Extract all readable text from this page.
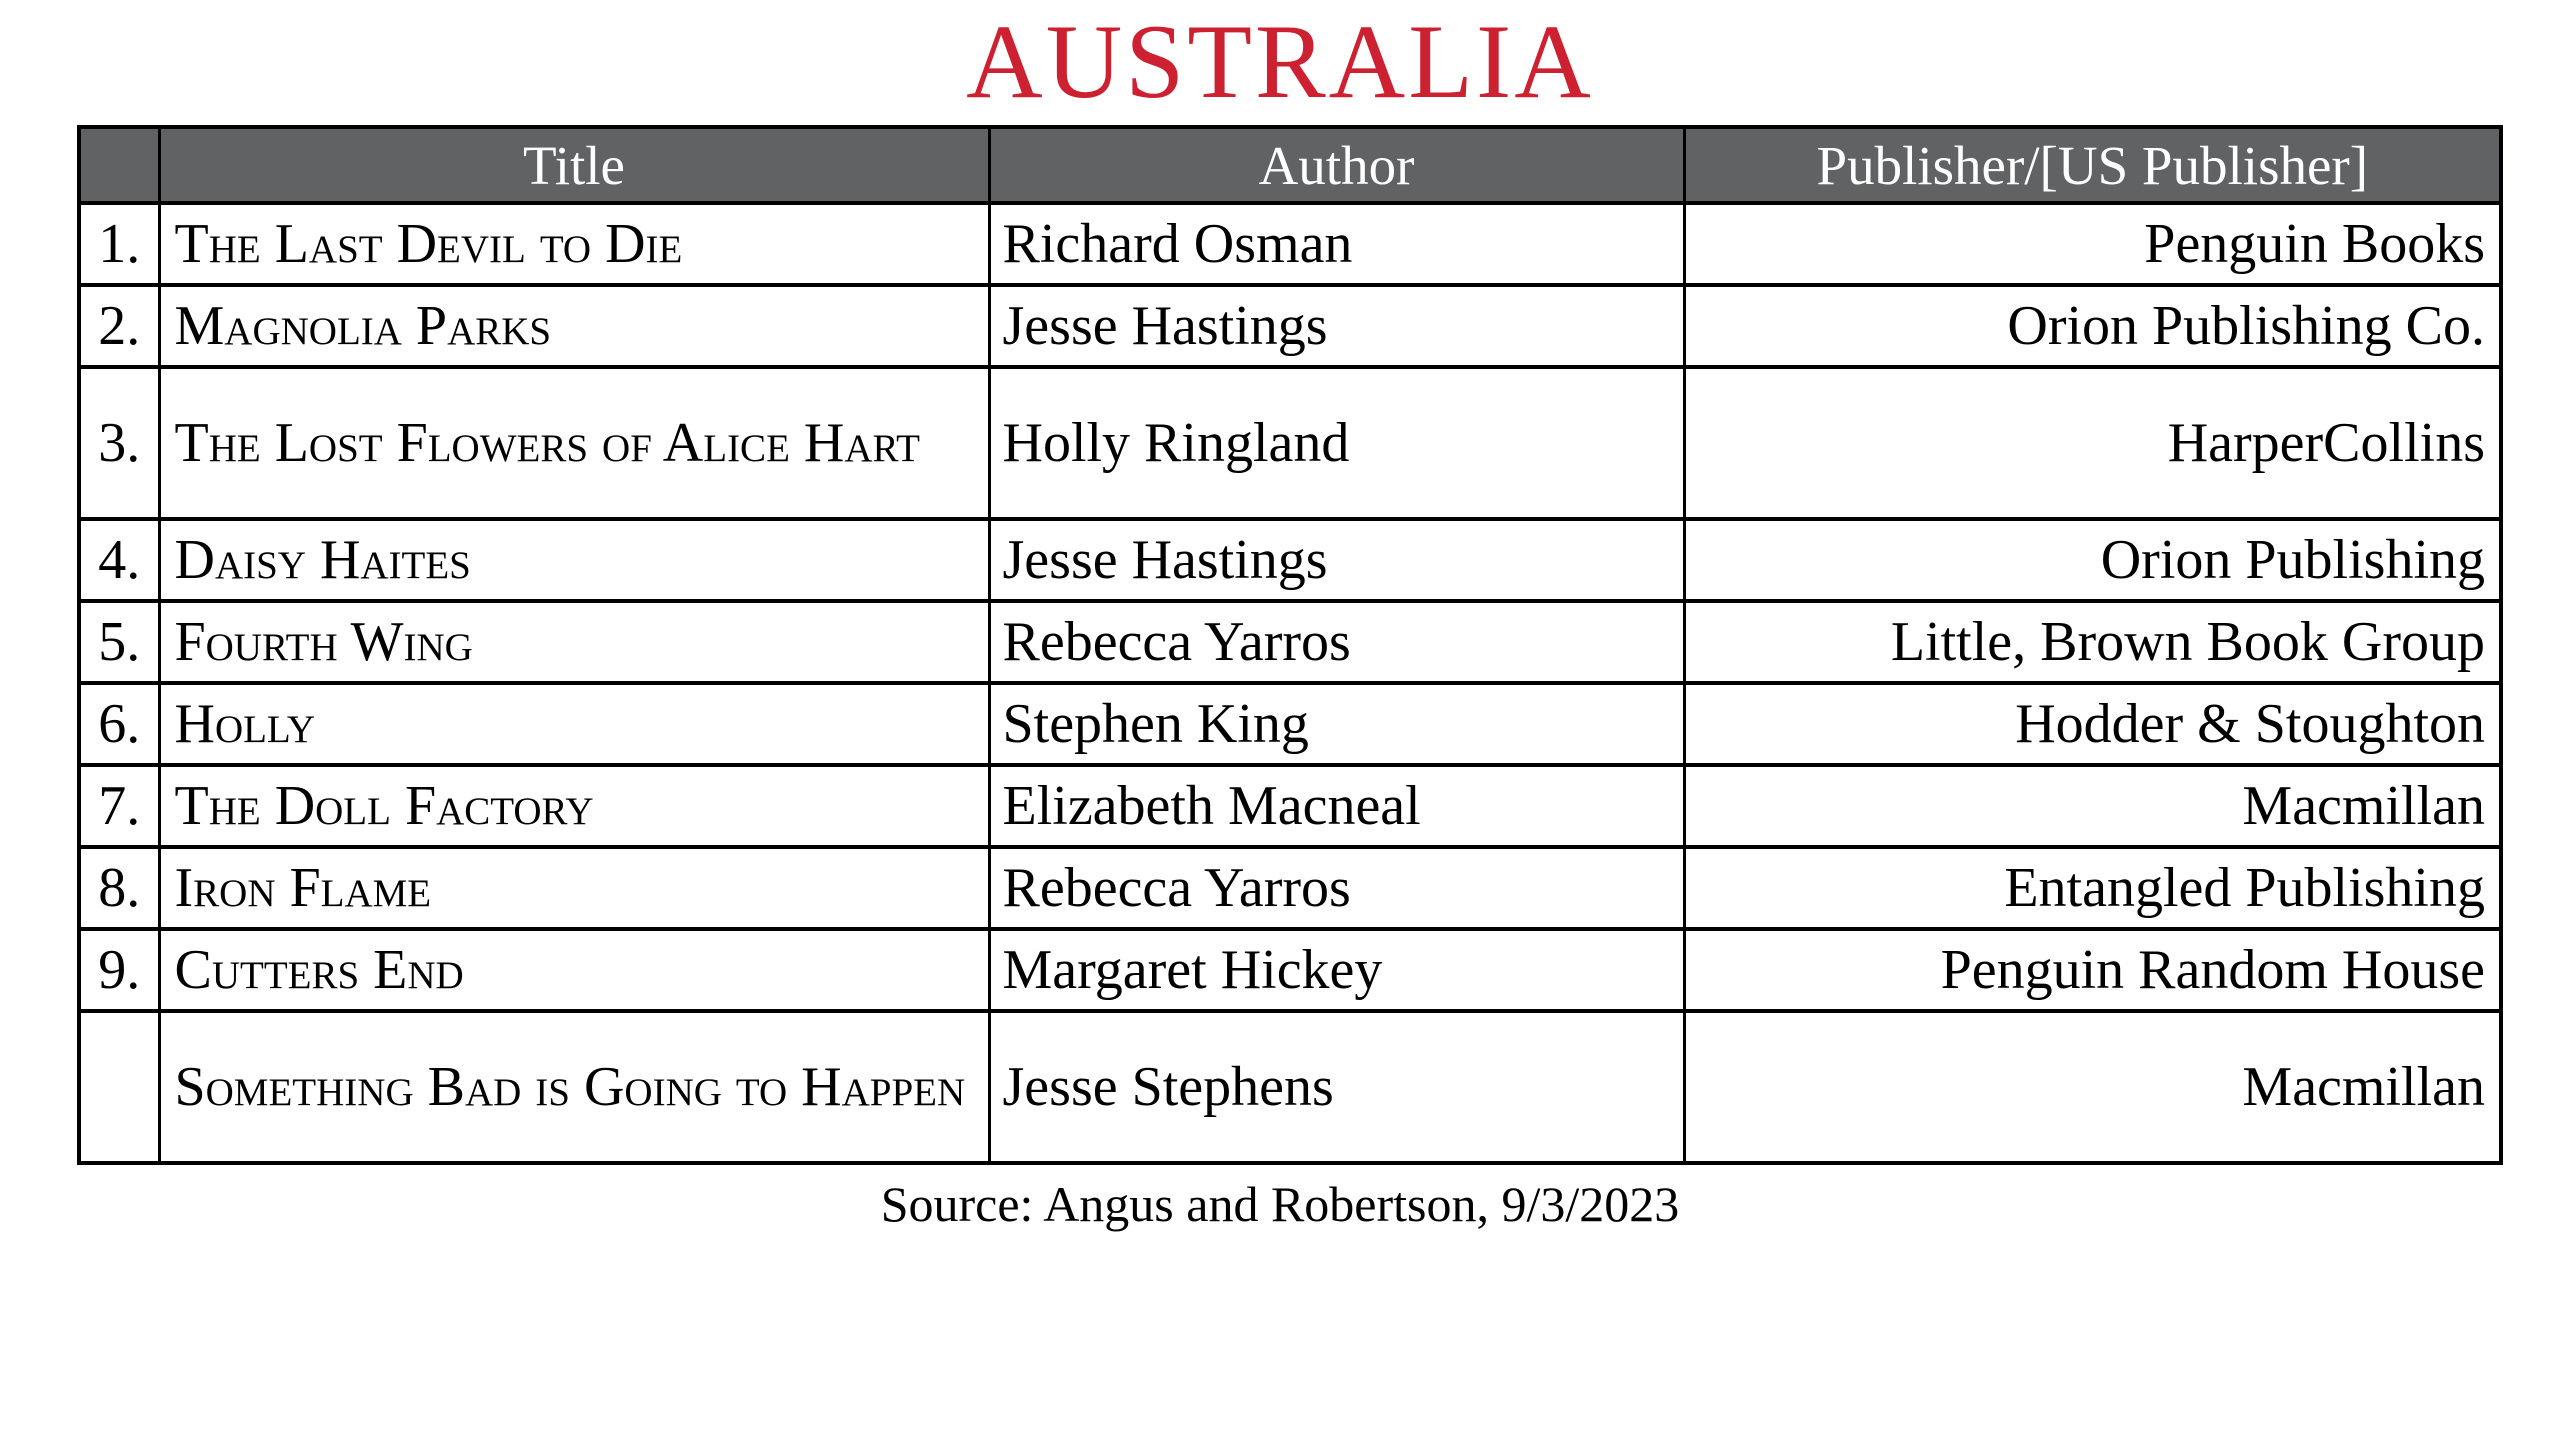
AUSTRALIA
	Title	Author	Publisher/[US Publisher]
1.	The Last Devil to Die	Richard Osman	Penguin Books
2.	Magnolia Parks	Jesse Hastings	Orion Publishing Co.
3.	The Lost Flowers of Alice Hart	Holly Ringland	HarperCollins
4.	Daisy Haites	Jesse Hastings	Orion Publishing
5.	Fourth Wing	Rebecca Yarros	Little, Brown Book Group
6.	Holly	Stephen King	Hodder & Stoughton
7.	The Doll Factory	Elizabeth Macneal	Macmillan
8.	Iron Flame	Rebecca Yarros	Entangled Publishing
9.	Cutters End	Margaret Hickey	Penguin Random House
	Something Bad is Going to Happen	Jesse Stephens	Macmillan
Source: Angus and Robertson, 9/3/2023
